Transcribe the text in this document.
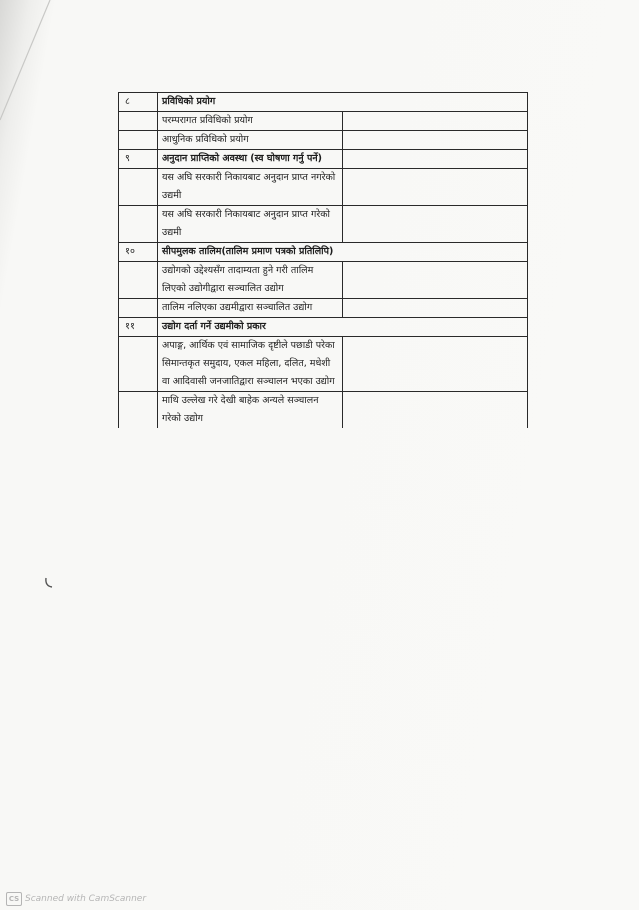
८	प्रविधिको प्रयोग	
	परम्परागत प्रविधिको प्रयोग	
	आधुनिक प्रविधिको प्रयोग	
९	अनुदान प्राप्तिको अवस्था (स्व घोषणा गर्नु पर्ने)	
	यस अघि सरकारी निकायबाट अनुदान प्राप्त नगरेको उद्यमी	
	यस अघि सरकारी निकायबाट अनुदान प्राप्त गरेको उद्यमी	
१०	सीपमुलक तालिम(तालिम प्रमाण पत्रको प्रतिलिपि)	
	उद्योगको उद्देश्यसँग तादाम्यता हुने गरी तालिम लिएको उद्योगीद्वारा सञ्चालित उद्योग	
	तालिम नलिएका उद्यमीद्वारा सञ्चालित उद्योग	
११	उद्योग दर्ता गर्ने उद्यमीको प्रकार	
	अपाङ्ग, आर्थिक एवं सामाजिक दृष्टीले पछाडी परेका सिमान्तकृत समुदाय, एकल महिला, दलित, मधेशी वा आदिवासी जनजातिद्वारा सञ्चालन भएका उद्योग	
	माथि उल्लेख गरे देखी बाहेक अन्यले सञ्चालन गरेको उद्योग	
CS Scanned with CamScanner
